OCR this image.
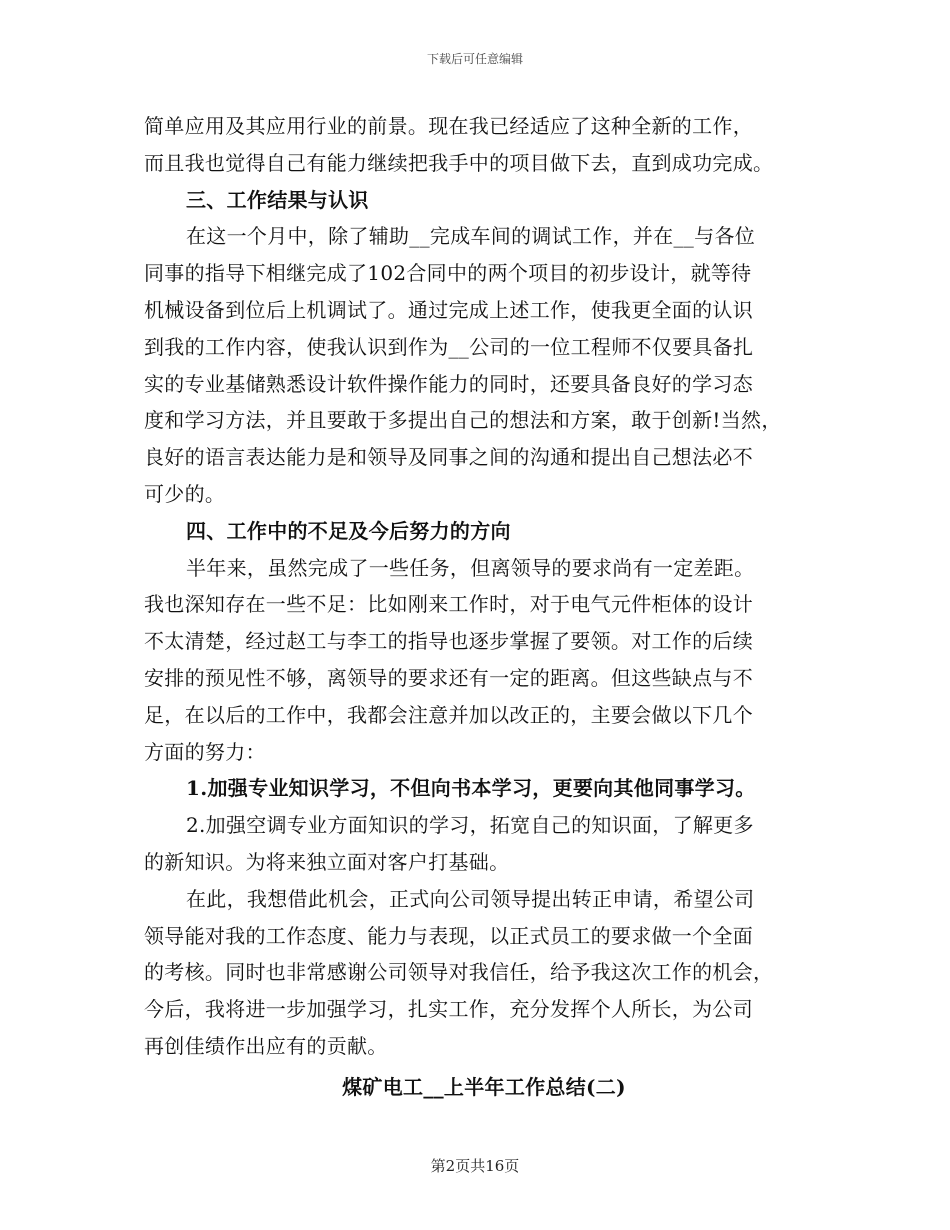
下载后可任意编辑
简单应用及其应用行业的前景。现在我已经适应了这种全新的工作，
而且我也觉得自己有能力继续把我手中的项目做下去，直到成功完成。
三、工作结果与认识
在这一个月中，除了辅助__完成车间的调试工作，并在__与各位
同事的指导下相继完成了102合同中的两个项目的初步设计，就等待
机械设备到位后上机调试了。通过完成上述工作，使我更全面的认识
到我的工作内容，使我认识到作为__公司的一位工程师不仅要具备扎
实的专业基储熟悉设计软件操作能力的同时，还要具备良好的学习态
度和学习方法，并且要敢于多提出自己的想法和方案，敢于创新!当然，
良好的语言表达能力是和领导及同事之间的沟通和提出自己想法必不
可少的。
四、工作中的不足及今后努力的方向
半年来，虽然完成了一些任务，但离领导的要求尚有一定差距。
我也深知存在一些不足：比如刚来工作时，对于电气元件柜体的设计
不太清楚，经过赵工与李工的指导也逐步掌握了要领。对工作的后续
安排的预见性不够，离领导的要求还有一定的距离。但这些缺点与不
足，在以后的工作中，我都会注意并加以改正的，主要会做以下几个
方面的努力：
1.加强专业知识学习，不但向书本学习，更要向其他同事学习。
2.加强空调专业方面知识的学习，拓宽自己的知识面，了解更多
的新知识。为将来独立面对客户打基础。
在此，我想借此机会，正式向公司领导提出转正申请，希望公司
领导能对我的工作态度、能力与表现，以正式员工的要求做一个全面
的考核。同时也非常感谢公司领导对我信任，给予我这次工作的机会，
今后，我将进一步加强学习，扎实工作，充分发挥个人所长，为公司
再创佳绩作出应有的贡献。
煤矿电工__上半年工作总结(二)
第2页共16页
